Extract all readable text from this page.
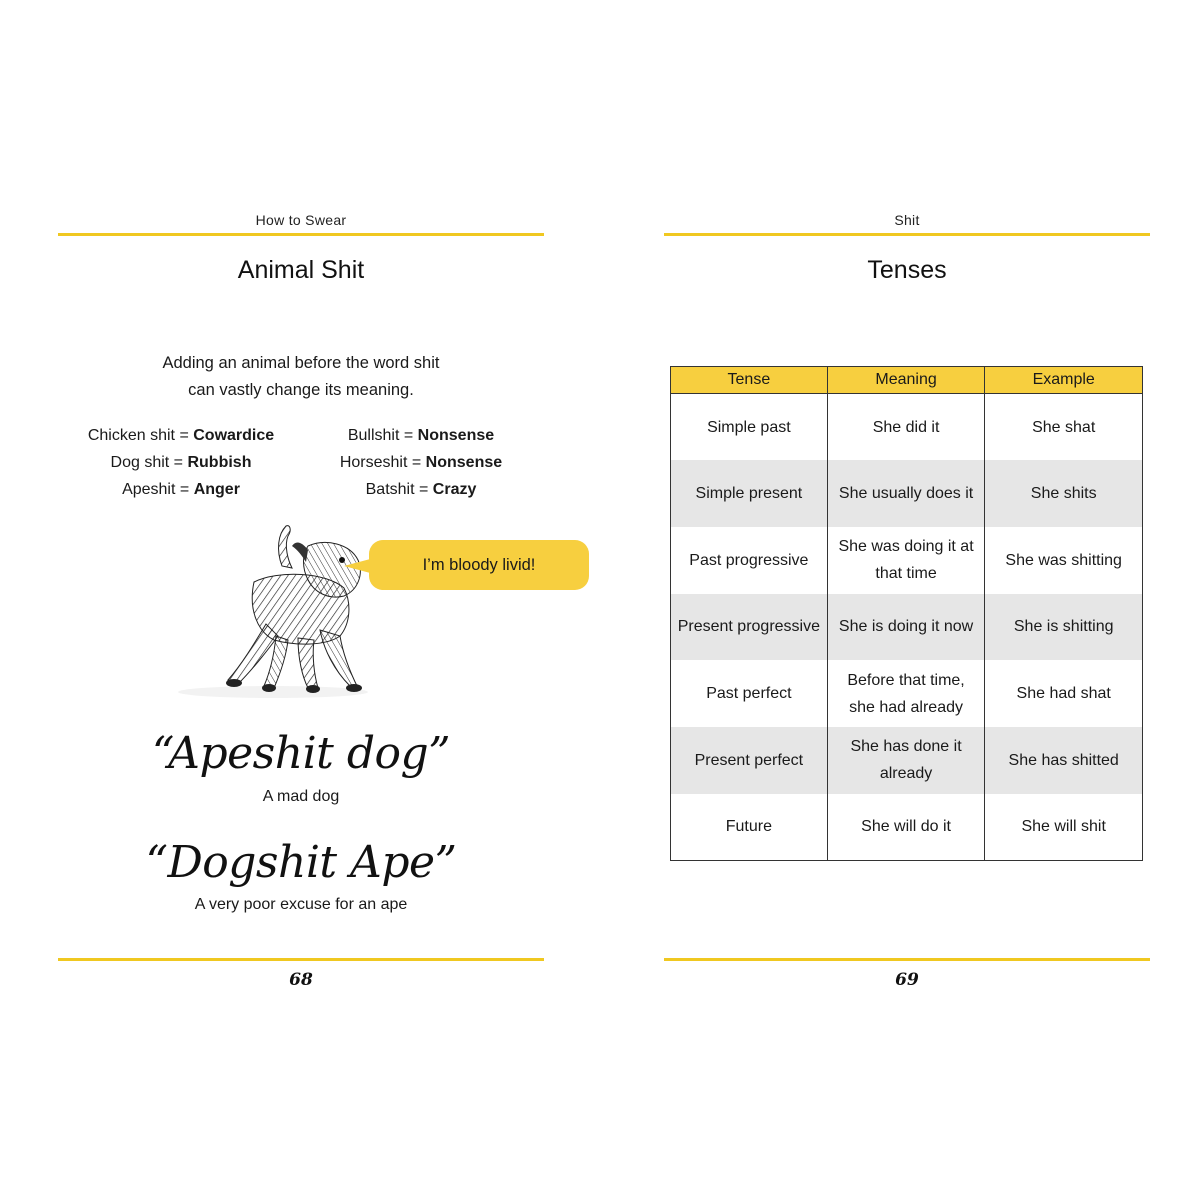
How to Swear
Animal Shit
Adding an animal before the word shit
can vastly change its meaning.
Chicken shit = Cowardice
Dog shit = Rubbish
Apeshit = Anger
Bullshit = Nonsense
Horseshit = Nonsense
Batshit = Crazy
I’m bloody livid!
“Apeshit dog”
A mad dog
“Dogshit Ape”
A very poor excuse for an ape
68
Shit
Tenses
Tense	Meaning	Example
Simple past	She did it	She shat
Simple present	She usually does it	She shits
Past progressive	She was doing it at that time	She was shitting
Present progressive	She is doing it now	She is shitting
Past perfect	Before that time, she had already	She had shat
Present perfect	She has done it already	She has shitted
Future	She will do it	She will shit
69
